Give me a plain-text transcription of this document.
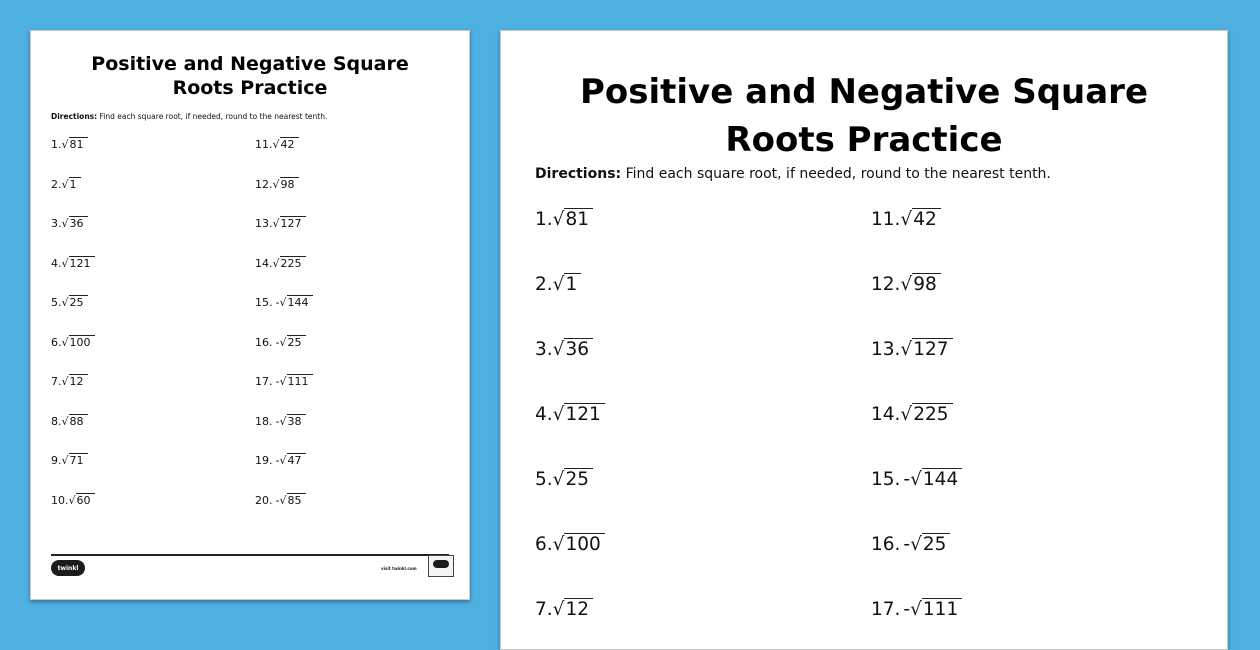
Positive and Negative Square
Roots Practice
Directions: Find each square root, if needed, round to the nearest tenth.
1.√81
2.√1
3.√36
4.√121
5.√25
6.√100
7.√12
8.√88
9.√71
10.√60
11.√42
12.√98
13.√127
14.√225
15. -√144
16. -√25
17. -√111
18. -√38
19. -√47
20. -√85
twinkl	visit twinkl.com
Positive and Negative Square
Roots Practice
Directions: Find each square root, if needed, round to the nearest tenth.
1.√81
2.√1
3.√36
4.√121
5.√25
6.√100
7.√12
11.√42
12.√98
13.√127
14.√225
15. -√144
16. -√25
17. -√111
